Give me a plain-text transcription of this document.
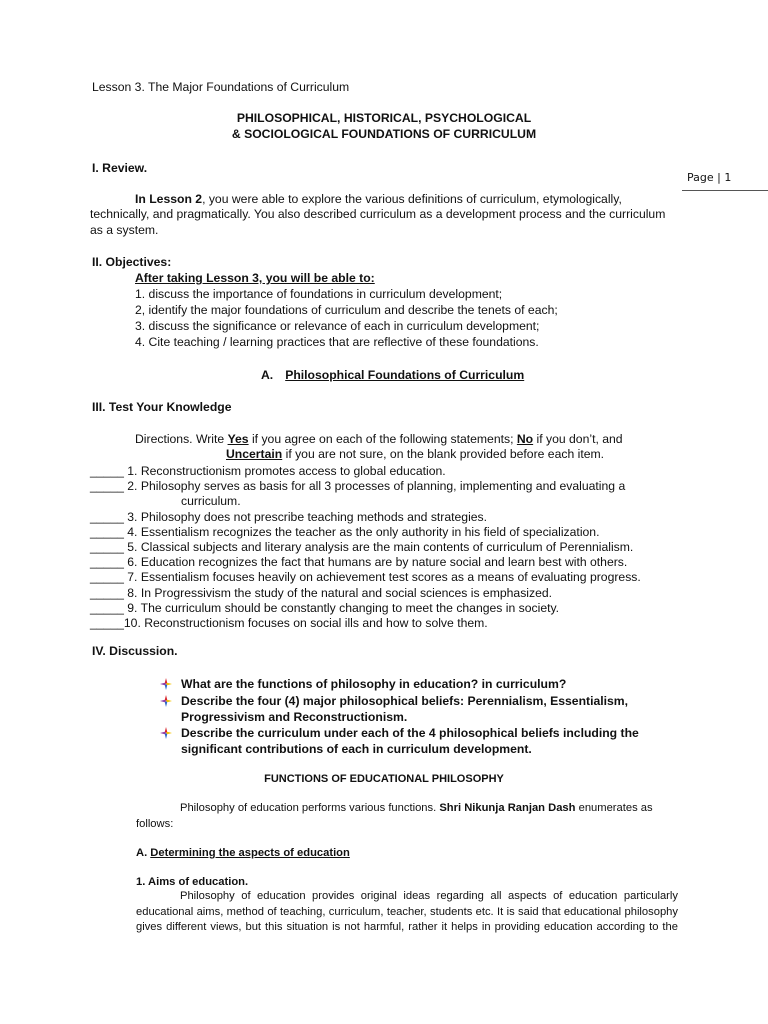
Page | 1
Lesson 3. The Major Foundations of Curriculum
PHILOSOPHICAL, HISTORICAL, PSYCHOLOGICAL
& SOCIOLOGICAL FOUNDATIONS OF CURRICULUM
I. Review.
In Lesson 2, you were able to explore the various definitions of curriculum, etymologically,
technically, and pragmatically. You also described curriculum as a development process and the curriculum
as a system.
II. Objectives:
After taking Lesson 3, you will be able to:
1. discuss the importance of foundations in curriculum development;
2, identify the major foundations of curriculum and describe the tenets of each;
3. discuss the significance or relevance of each in curriculum development;
4. Cite teaching / learning practices that are reflective of these foundations.
A. Philosophical Foundations of Curriculum
III. Test Your Knowledge
Directions. Write Yes if you agree on each of the following statements; No if you don’t, and
Uncertain if you are not sure, on the blank provided before each item.
_____ 1. Reconstructionism promotes access to global education.
_____ 2. Philosophy serves as basis for all 3 processes of planning, implementing and evaluating a
curriculum.
_____ 3. Philosophy does not prescribe teaching methods and strategies.
_____ 4. Essentialism recognizes the teacher as the only authority in his field of specialization.
_____ 5. Classical subjects and literary analysis are the main contents of curriculum of Perennialism.
_____ 6. Education recognizes the fact that humans are by nature social and learn best with others.
_____ 7. Essentialism focuses heavily on achievement test scores as a means of evaluating progress.
_____ 8. In Progressivism the study of the natural and social sciences is emphasized.
_____ 9. The curriculum should be constantly changing to meet the changes in society.
_____10. Reconstructionism focuses on social ills and how to solve them.
IV. Discussion.
What are the functions of philosophy in education? in curriculum?
Describe the four (4) major philosophical beliefs: Perennialism, Essentialism,
Progressivism and Reconstructionism.
Describe the curriculum under each of the 4 philosophical beliefs including the
significant contributions of each in curriculum development.
FUNCTIONS OF EDUCATIONAL PHILOSOPHY
Philosophy of education performs various functions. Shri Nikunja Ranjan Dash enumerates as
follows:
A. Determining the aspects of education
1. Aims of education.
Philosophy of education provides original ideas regarding all aspects of education particularly
educational aims, method of teaching, curriculum, teacher, students etc. It is said that educational philosophy
gives different views, but this situation is not harmful, rather it helps in providing education according to the
